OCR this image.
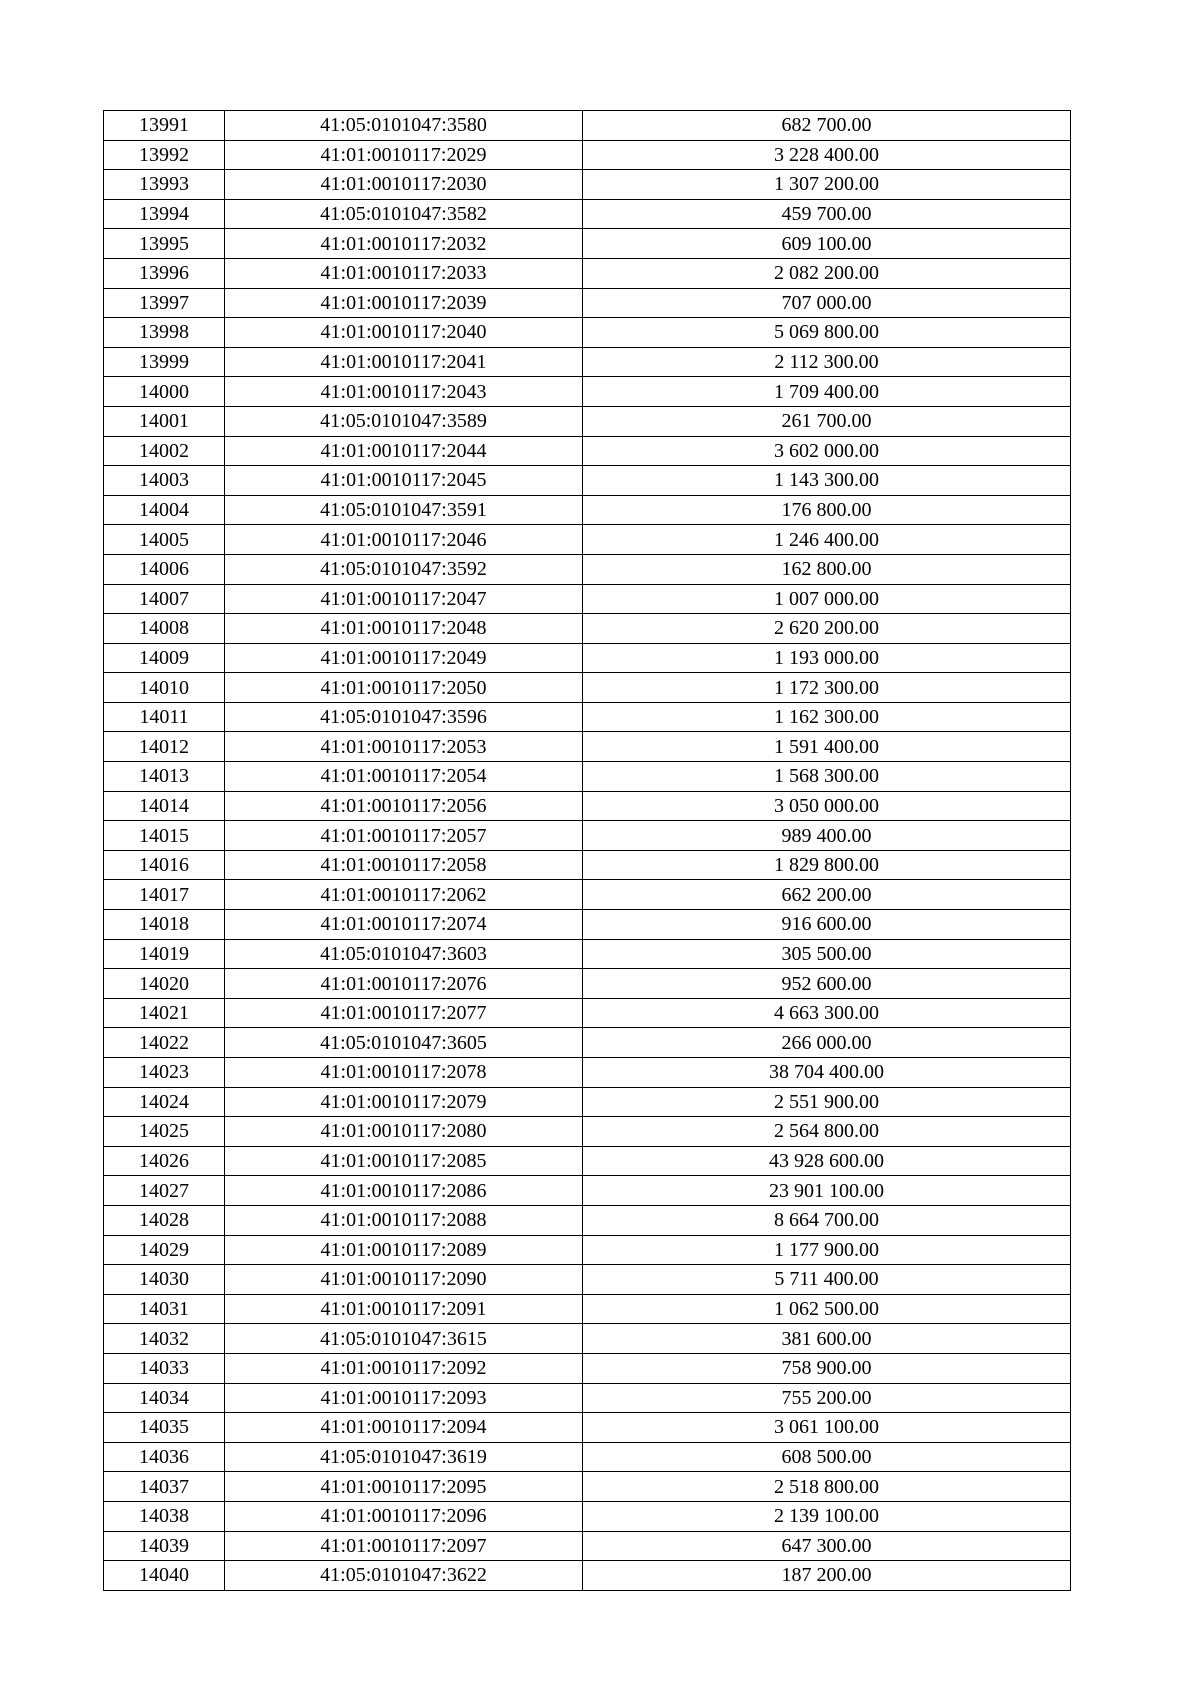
13991	41:05:0101047:3580	682 700.00
13992	41:01:0010117:2029	3 228 400.00
13993	41:01:0010117:2030	1 307 200.00
13994	41:05:0101047:3582	459 700.00
13995	41:01:0010117:2032	609 100.00
13996	41:01:0010117:2033	2 082 200.00
13997	41:01:0010117:2039	707 000.00
13998	41:01:0010117:2040	5 069 800.00
13999	41:01:0010117:2041	2 112 300.00
14000	41:01:0010117:2043	1 709 400.00
14001	41:05:0101047:3589	261 700.00
14002	41:01:0010117:2044	3 602 000.00
14003	41:01:0010117:2045	1 143 300.00
14004	41:05:0101047:3591	176 800.00
14005	41:01:0010117:2046	1 246 400.00
14006	41:05:0101047:3592	162 800.00
14007	41:01:0010117:2047	1 007 000.00
14008	41:01:0010117:2048	2 620 200.00
14009	41:01:0010117:2049	1 193 000.00
14010	41:01:0010117:2050	1 172 300.00
14011	41:05:0101047:3596	1 162 300.00
14012	41:01:0010117:2053	1 591 400.00
14013	41:01:0010117:2054	1 568 300.00
14014	41:01:0010117:2056	3 050 000.00
14015	41:01:0010117:2057	989 400.00
14016	41:01:0010117:2058	1 829 800.00
14017	41:01:0010117:2062	662 200.00
14018	41:01:0010117:2074	916 600.00
14019	41:05:0101047:3603	305 500.00
14020	41:01:0010117:2076	952 600.00
14021	41:01:0010117:2077	4 663 300.00
14022	41:05:0101047:3605	266 000.00
14023	41:01:0010117:2078	38 704 400.00
14024	41:01:0010117:2079	2 551 900.00
14025	41:01:0010117:2080	2 564 800.00
14026	41:01:0010117:2085	43 928 600.00
14027	41:01:0010117:2086	23 901 100.00
14028	41:01:0010117:2088	8 664 700.00
14029	41:01:0010117:2089	1 177 900.00
14030	41:01:0010117:2090	5 711 400.00
14031	41:01:0010117:2091	1 062 500.00
14032	41:05:0101047:3615	381 600.00
14033	41:01:0010117:2092	758 900.00
14034	41:01:0010117:2093	755 200.00
14035	41:01:0010117:2094	3 061 100.00
14036	41:05:0101047:3619	608 500.00
14037	41:01:0010117:2095	2 518 800.00
14038	41:01:0010117:2096	2 139 100.00
14039	41:01:0010117:2097	647 300.00
14040	41:05:0101047:3622	187 200.00
